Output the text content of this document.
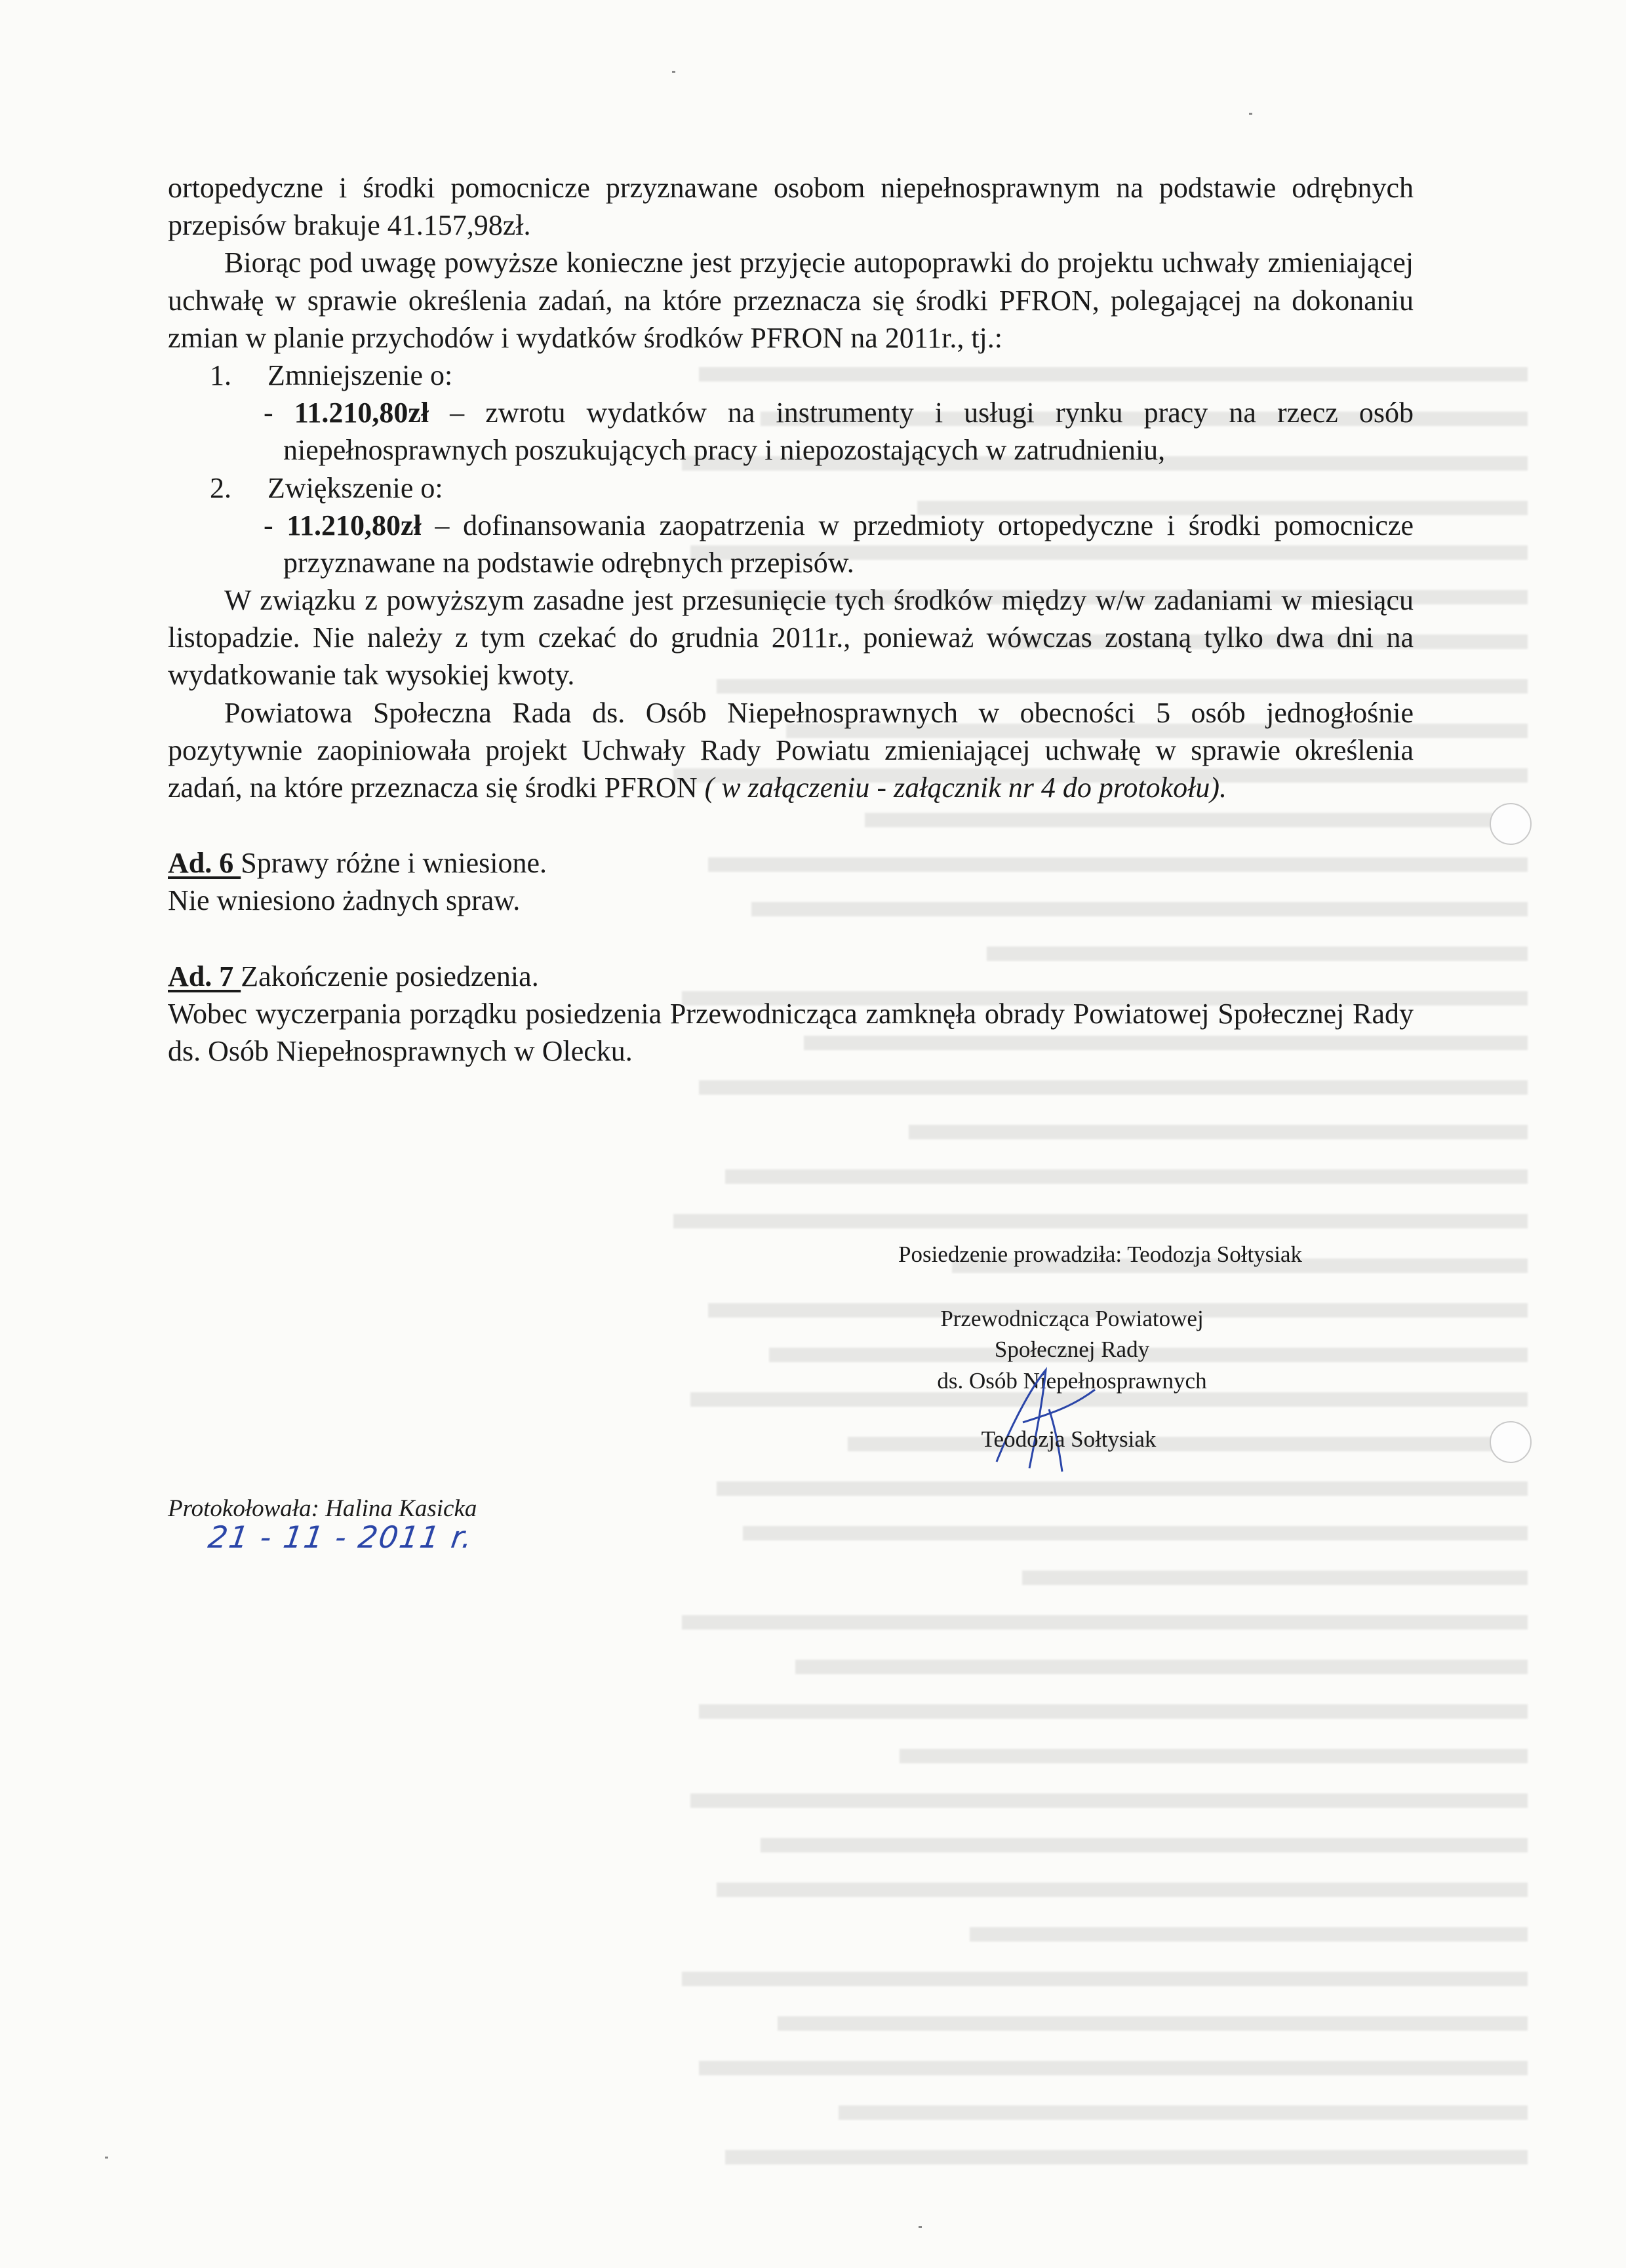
ortopedyczne i środki pomocnicze przyznawane osobom niepełnosprawnym na podstawie odrębnych przepisów brakuje 41.157,98zł.

Biorąc pod uwagę powyższe konieczne jest przyjęcie autopoprawki do projektu uchwały zmieniającej uchwałę w sprawie określenia zadań, na które przeznacza się środki PFRON, polegającej na dokonaniu zmian w planie przychodów i wydatków środków PFRON na 2011r., tj.:

1.	Zmniejszenie o:
- 11.210,80zł – zwrotu wydatków na instrumenty i usługi rynku pracy na rzecz osób niepełnosprawnych poszukujących pracy i niepozostających w zatrudnieniu,
2.	Zwiększenie o:
- 11.210,80zł – dofinansowania zaopatrzenia w przedmioty ortopedyczne i środki pomocnicze przyznawane na podstawie odrębnych przepisów.

W związku z powyższym zasadne jest przesunięcie tych środków między w/w zadaniami w miesiącu listopadzie. Nie należy z tym czekać do grudnia 2011r., ponieważ wówczas zostaną tylko dwa dni na wydatkowanie tak wysokiej kwoty.

Powiatowa Społeczna Rada ds. Osób Niepełnosprawnych w obecności 5 osób jednogłośnie pozytywnie zaopiniowała projekt Uchwały Rady Powiatu zmieniającej uchwałę w sprawie określenia zadań, na które przeznacza się środki PFRON ( w załączeniu - załącznik nr 4 do protokołu).

Ad. 6 Sprawy różne i wniesione.

Nie wniesiono żadnych spraw.

Ad. 7 Zakończenie posiedzenia.

Wobec wyczerpania porządku posiedzenia Przewodnicząca zamknęła obrady Powiatowej Społecznej Rady ds. Osób Niepełnosprawnych w Olecku.

Posiedzenie prowadziła: Teodozja Sołtysiak
Przewodnicząca Powiatowej
Społecznej Rady
ds. Osób Niepełnosprawnych
Teodozja Sołtysiak
Protokołowała: Halina Kasicka
21 - 11 - 2011 r.
